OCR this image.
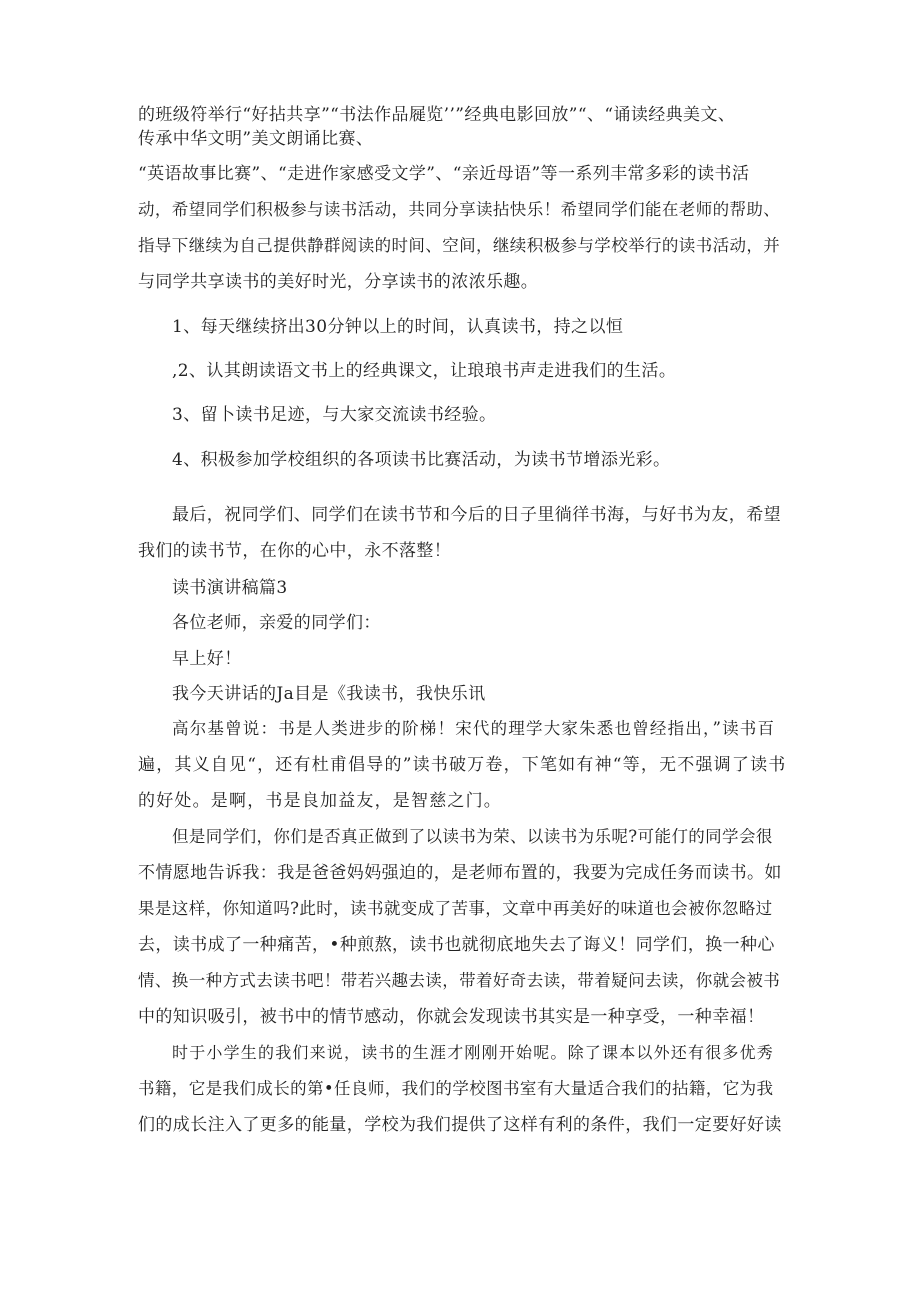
的班级符举行“好拈共享”“书法作品屣览’’”经典电影回放”“、“诵读经典美文、
传承中华文明”美文朗诵比赛、
“英语故事比赛”、“走进作家感受文学”、“亲近母语”等一系列丰常多彩的读书活
动，希望同学们积极参与读书活动，共同分享读拈快乐！希望同学们能在老师的帮助、
指导下继续为自己提供静群阅读的时间、空间，继续积极参与学校举行的读书活动，并
与同学共享读书的美好时光，分享读书的浓浓乐趣。
1、每天继续挤出30分钟以上的时间，认真读书，持之以恒
,2、认其朗读语文书上的经典课文，让琅琅书声走进我们的生活。
3、留卜读书足迹，与大家交流读书经验。
4、积极参加学校组织的各项读书比赛活动，为读书节增添光彩。
最后，祝同学们、同学们在读书节和今后的日子里徜徉书海，与好书为友，希望
我们的读书节，在你的心中，永不落整！
读书演讲稿篇3
各位老师，亲爱的同学们：
早上好！
我今天讲话的Ja目是《我读书，我快乐讯
高尔基曾说：书是人类进步的阶梯！宋代的理学大家朱悉也曾经指出，”读书百
遍，其义自见“，还有杜甫倡导的”读书破万卷，下笔如有神“等，无不强调了读书
的好处。是啊，书是良加益友，是智慈之门。
但是同学们，你们是否真正做到了以读书为荣、以读书为乐呢?可能仃的同学会很
不情愿地告诉我：我是爸爸妈妈强迫的，是老师布置的，我要为完成任务而读书。如
果是这样，你知道吗?此时，读书就变成了苦事，文章中再美好的味道也会被你忽略过
去，读书成了一种痛苦，•种煎熬，读书也就彻底地失去了诲义！同学们，换一种心
情、换一种方式去读书吧！带若兴趣去读，带着好奇去读，带着疑问去读，你就会被书
中的知识吸引，被书中的情节感动，你就会发现读书其实是一种享受，一种幸福！
时于小学生的我们来说，读书的生涯才刚刚开始呢。除了课本以外还有很多优秀
书籍，它是我们成长的第•任良师，我们的学校图书室有大量适合我们的拈籍，它为我
们的成长注入了更多的能量，学校为我们提供了这样有利的条件，我们一定要好好读
